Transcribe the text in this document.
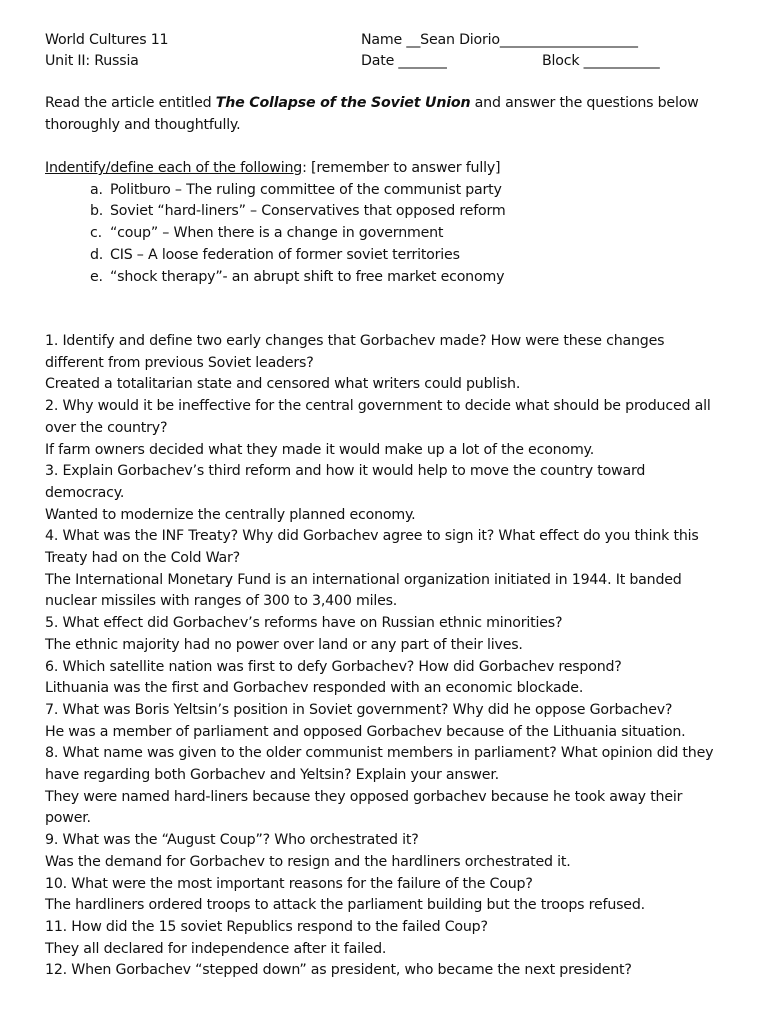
World Cultures 11
Unit II: Russia
Name __Sean Diorio____________________
Date _______	Block ___________
Read the article entitled The Collapse of the Soviet Union and answer the questions below thoroughly and thoughtfully.
Indentify/define each of the following: [remember to answer fully]
a. Politburo – The ruling committee of the communist party
b. Soviet “hard-liners” – Conservatives that opposed reform
c. “coup” – When there is a change in government
d. CIS – A loose federation of former soviet territories
e. “shock therapy”- an abrupt shift to free market economy

1. Identify and define two early changes that Gorbachev made? How were these changes different from previous Soviet leaders?

Created a totalitarian state and censored what writers could publish.

2. Why would it be ineffective for the central government to decide what should be produced all over the country?

If farm owners decided what they made it would make up a lot of the economy.

3. Explain Gorbachev’s third reform and how it would help to move the country toward democracy.

Wanted to modernize the centrally planned economy.

4. What was the INF Treaty? Why did Gorbachev agree to sign it? What effect do you think this Treaty had on the Cold War?

The International Monetary Fund is an international organization initiated in 1944. It banded nuclear missiles with ranges of 300 to 3,400 miles.

5. What effect did Gorbachev’s reforms have on Russian ethnic minorities?

The ethnic majority had no power over land or any part of their lives.

6. Which satellite nation was first to defy Gorbachev? How did Gorbachev respond?

Lithuania was the first and Gorbachev responded with an economic blockade.

7. What was Boris Yeltsin’s position in Soviet government? Why did he oppose Gorbachev?

He was a member of parliament and opposed Gorbachev because of the Lithuania situation.

8. What name was given to the older communist members in parliament? What opinion did they have regarding both Gorbachev and Yeltsin? Explain your answer.

They were named hard-liners because they opposed gorbachev because he took away their power.

9. What was the “August Coup”? Who orchestrated it?

Was the demand for Gorbachev to resign and the hardliners orchestrated it.

10. What were the most important reasons for the failure of the Coup?

The hardliners ordered troops to attack the parliament building but the troops refused.

11. How did the 15 soviet Republics respond to the failed Coup?

They all declared for independence after it failed.

12. When Gorbachev “stepped down” as president, who became the next president?
